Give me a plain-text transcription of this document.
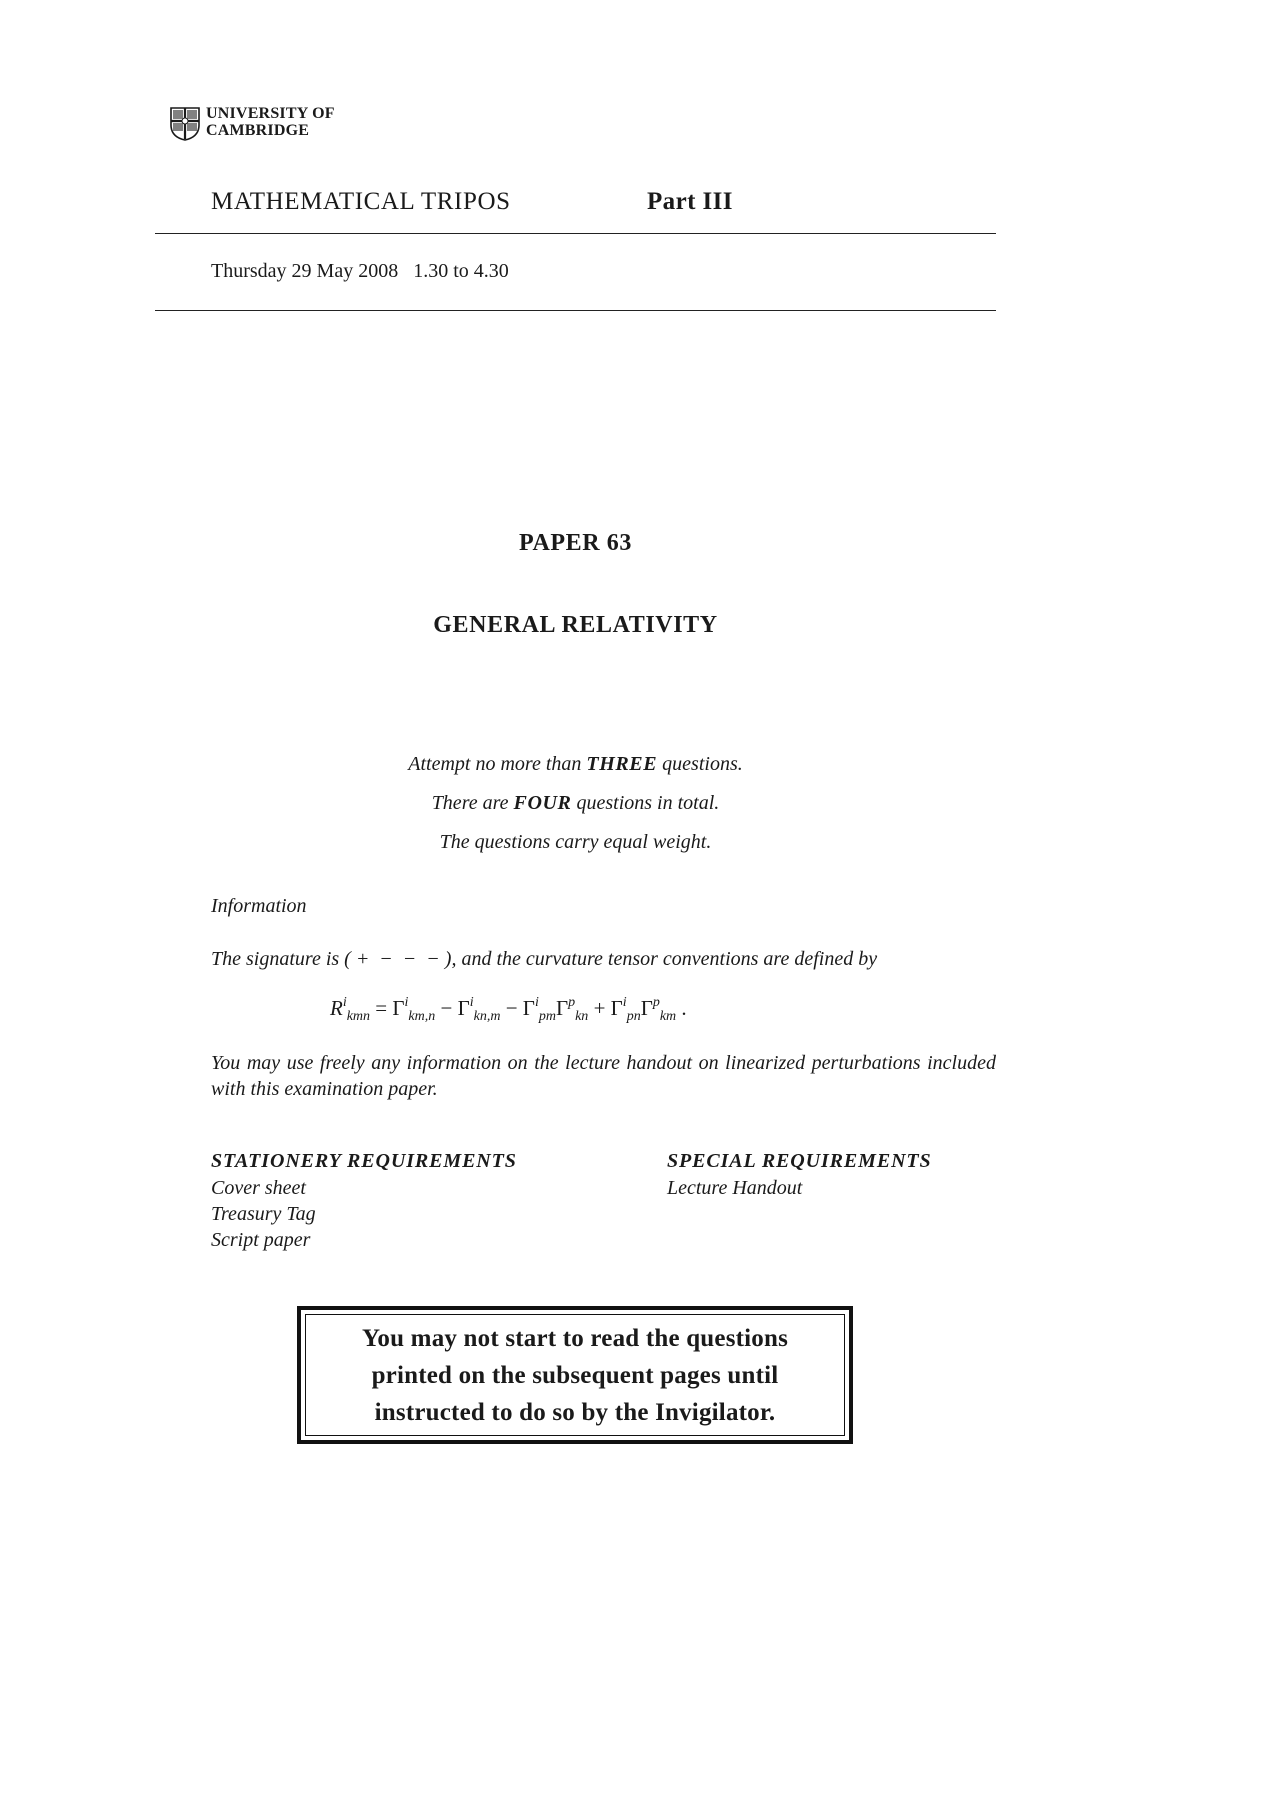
UNIVERSITY OF
CAMBRIDGE
MATHEMATICAL TRIPOS	Part III
Thursday 29 May 2008   1.30 to 4.30
PAPER 63
GENERAL RELATIVITY
Attempt no more than THREE questions.
There are FOUR questions in total.
The questions carry equal weight.
Information
The signature is ( +  −  −  − ), and the curvature tensor conventions are defined by
$R^i_{kmn} = \Gamma^i_{km,n} - \Gamma^i_{kn,m} - \Gamma^i_{pm}\Gamma^p_{kn} + \Gamma^i_{pn}\Gamma^p_{km}$ .
You may use freely any information on the lecture handout on linearized perturbations included with this examination paper.
STATIONERY REQUIREMENTS
Cover sheet
Treasury Tag
Script paper
SPECIAL REQUIREMENTS
Lecture Handout
You may not start to read the questions
printed on the subsequent pages until
instructed to do so by the Invigilator.
